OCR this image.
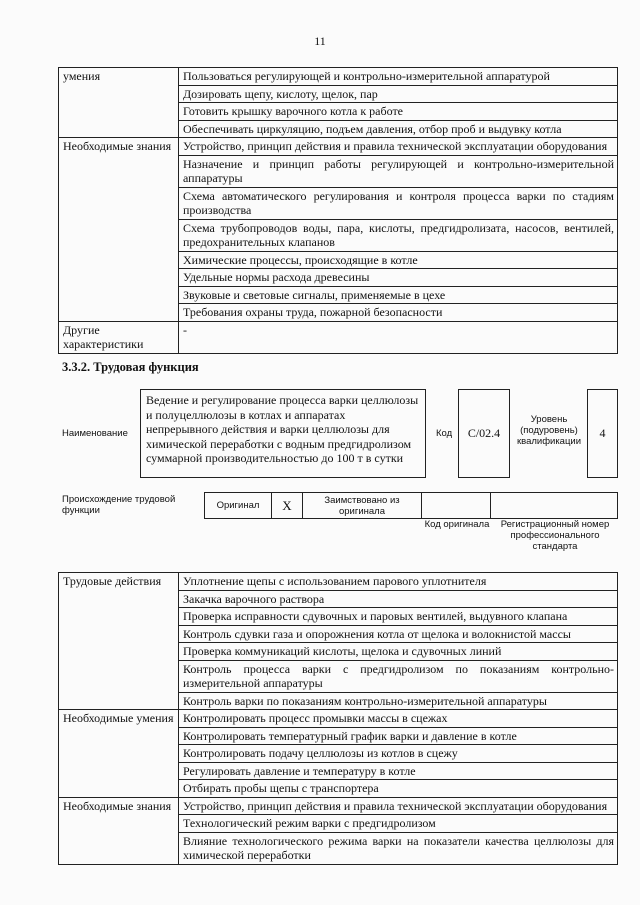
11
умения	Пользоваться регулирующей и контрольно-измерительной аппаратурой
	Дозировать щепу, кислоту, щелок, пар
	Готовить крышку варочного котла к работе
	Обеспечивать циркуляцию, подъем давления, отбор проб и выдувку котла
Необходимые знания	Устройство, принцип действия и правила технической эксплуатации оборудования
	Назначение и принцип работы регулирующей и контрольно-измерительной аппаратуры
	Схема автоматического регулирования и контроля процесса варки по стадиям производства
	Схема трубопроводов воды, пара, кислоты, предгидролизата, насосов, вентилей, предохранительных клапанов
	Химические процессы, происходящие в котле
	Удельные нормы расхода древесины
	Звуковые и световые сигналы, применяемые в цехе
	Требования охраны труда, пожарной безопасности
Другие характеристики	-
3.3.2. Трудовая функция
Наименование
Ведение и регулирование процесса варки целлюлозы и полуцеллюлозы в котлах и аппаратах непрерывного действия и варки целлюлозы для химической переработки с водным предгидролизом суммарной производительностью до 100 т в сутки
Код	C/02.4
Уровень (подуровень) квалификации
4
Происхождение трудовой функции	Оригинал	X	Заимствовано из оригинала
Код оригинала	Регистрационный номер профессионального стандарта
Трудовые действия	Уплотнение щепы с использованием парового уплотнителя
	Закачка варочного раствора
	Проверка исправности сдувочных и паровых вентилей, выдувного клапана
	Контроль сдувки газа и опорожнения котла от щелока и волокнистой массы
	Проверка коммуникаций кислоты, щелока и сдувочных линий
	Контроль процесса варки с предгидролизом по показаниям контрольно-измерительной аппаратуры
	Контроль варки по показаниям контрольно-измерительной аппаратуры
Необходимые умения	Контролировать процесс промывки массы в сцежах
	Контролировать температурный график варки и давление в котле
	Контролировать подачу целлюлозы из котлов в сцежу
	Регулировать давление и температуру в котле
	Отбирать пробы щепы с транспортера
Необходимые знания	Устройство, принцип действия и правила технической эксплуатации оборудования
	Технологический режим варки с предгидролизом
	Влияние технологического режима варки на показатели качества целлюлозы для химической переработки
